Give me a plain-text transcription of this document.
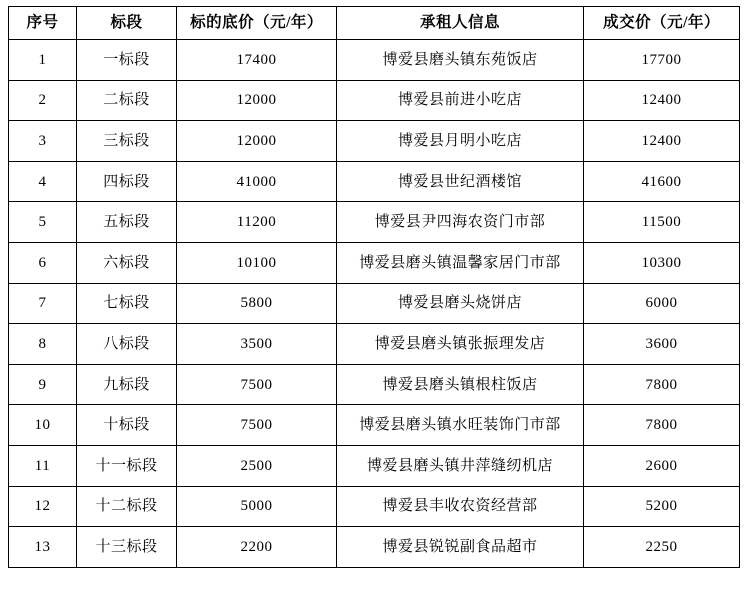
序号	标段	标的底价（元/年）	承租人信息	成交价（元/年）
1	一标段	17400	博爱县磨头镇东苑饭店	17700
2	二标段	12000	博爱县前进小吃店	12400
3	三标段	12000	博爱县月明小吃店	12400
4	四标段	41000	博爱县世纪酒楼馆	41600
5	五标段	11200	博爱县尹四海农资门市部	11500
6	六标段	10100	博爱县磨头镇温馨家居门市部	10300
7	七标段	5800	博爱县磨头烧饼店	6000
8	八标段	3500	博爱县磨头镇张振理发店	3600
9	九标段	7500	博爱县磨头镇根柱饭店	7800
10	十标段	7500	博爱县磨头镇水旺装饰门市部	7800
11	十一标段	2500	博爱县磨头镇井萍缝纫机店	2600
12	十二标段	5000	博爱县丰收农资经营部	5200
13	十三标段	2200	博爱县锐锐副食品超市	2250
